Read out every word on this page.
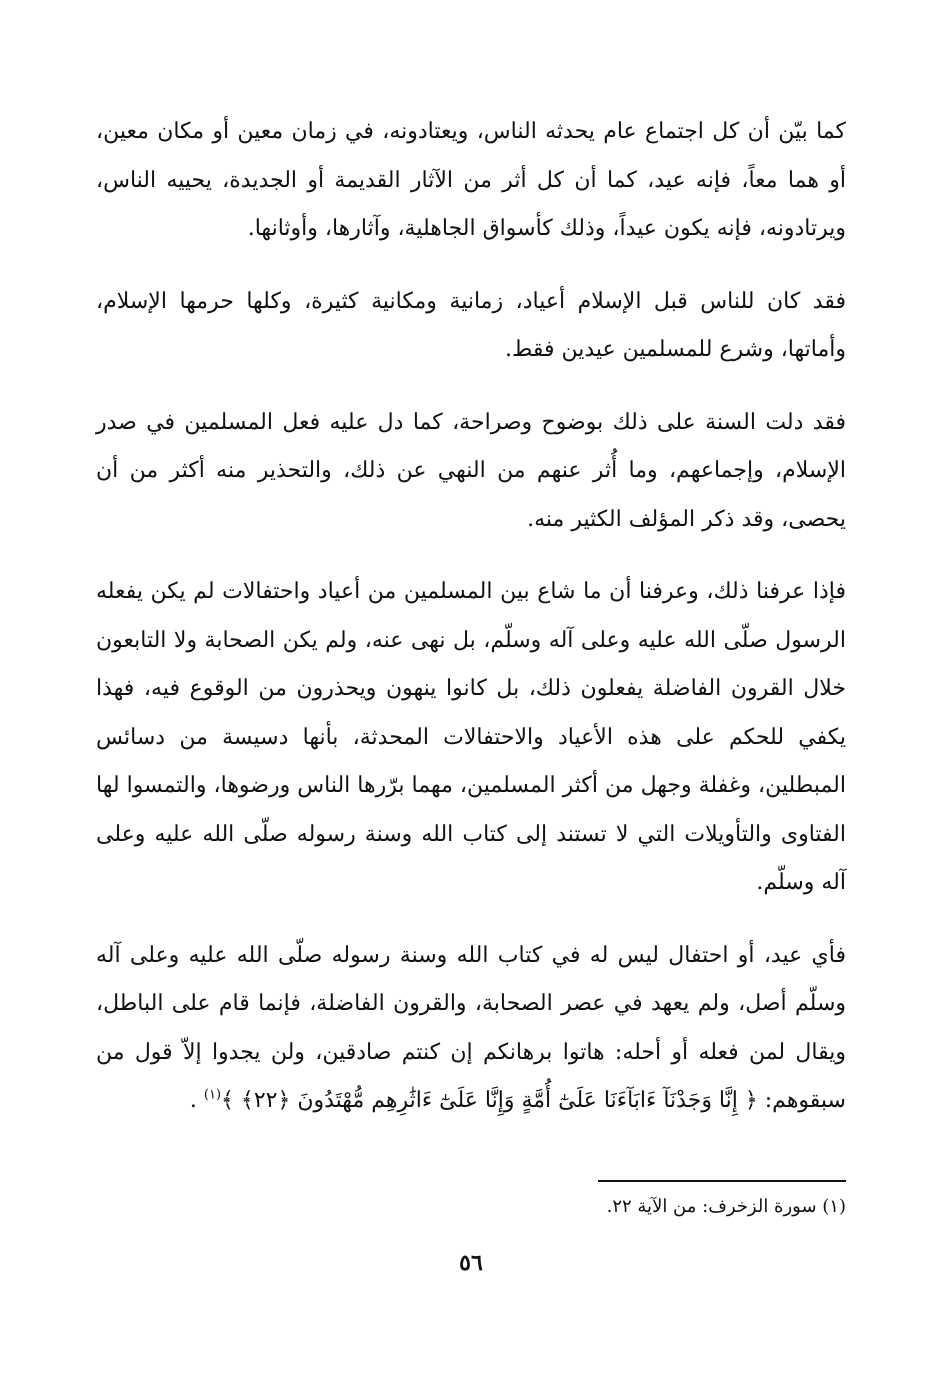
كما بيّن أن كل اجتماع عام يحدثه الناس، ويعتادونه، في زمان معين أو مكان معين، أو هما معاً، فإنه عيد، كما أن كل أثر من الآثار القديمة أو الجديدة، يحييه الناس، ويرتادونه، فإنه يكون عيداً، وذلك كأسواق الجاهلية، وآثارها، وأوثانها.

فقد كان للناس قبل الإسلام أعياد، زمانية ومكانية كثيرة، وكلها حرمها الإسلام، وأماتها، وشرع للمسلمين عيدين فقط.

فقد دلت السنة على ذلك بوضوح وصراحة، كما دل عليه فعل المسلمين في صدر الإسلام، وإجماعهم، وما أُثر عنهم من النهي عن ذلك، والتحذير منه أكثر من أن يحصى، وقد ذكر المؤلف الكثير منه.

فإذا عرفنا ذلك، وعرفنا أن ما شاع بين المسلمين من أعياد واحتفالات لم يكن يفعله الرسول صلّى الله عليه وعلى آله وسلّم، بل نهى عنه، ولم يكن الصحابة ولا التابعون خلال القرون الفاضلة يفعلون ذلك، بل كانوا ينهون ويحذرون من الوقوع فيه، فهذا يكفي للحكم على هذه الأعياد والاحتفالات المحدثة، بأنها دسيسة من دسائس المبطلين، وغفلة وجهل من أكثر المسلمين، مهما برّرها الناس ورضوها، والتمسوا لها الفتاوى والتأويلات التي لا تستند إلى كتاب الله وسنة رسوله صلّى الله عليه وعلى آله وسلّم.

فأي عيد، أو احتفال ليس له في كتاب الله وسنة رسوله صلّى الله عليه وعلى آله وسلّم أصل، ولم يعهد في عصر الصحابة، والقرون الفاضلة، فإنما قام على الباطل، ويقال لمن فعله أو أحله: هاتوا برهانكم إن كنتم صادقين، ولن يجدوا إلاّ قول من سبقوهم: ﴿ إِنَّا وَجَدْنَآ ءَابَآءَنَا عَلَىٰٓ أُمَّةٍ وَإِنَّا عَلَىٰٓ ءَاثَٰرِهِم مُّهْتَدُونَ ﴿٢٢﴾ ﴾$^{(١)}$ .

(١) سورة الزخرف: من الآية ٢٢.
٥٦
